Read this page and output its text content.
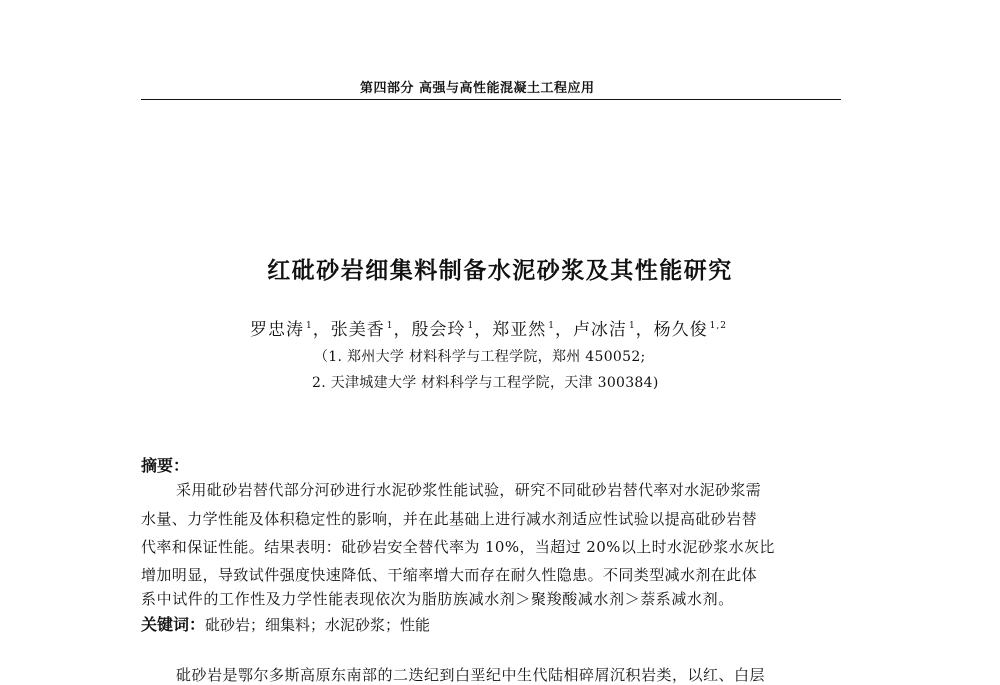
第四部分 高强与高性能混凝土工程应用
红砒砂岩细集料制备水泥砂浆及其性能研究
罗忠涛 $^1$，张美香 $^1$，殷会玲 $^1$，郑亚然 $^1$，卢冰洁 $^1$，杨久俊 $^{1,2}$
（1. 郑州大学 材料科学与工程学院，郑州 450052;
2. 天津城建大学 材料科学与工程学院，天津 300384)
摘要：
采用砒砂岩替代部分河砂进行水泥砂浆性能试验，研究不同砒砂岩替代率对水泥砂浆需
水量、力学性能及体积稳定性的影响，并在此基础上进行减水剂适应性试验以提高砒砂岩替
代率和保证性能。结果表明：砒砂岩安全替代率为 10%，当超过 20%以上时水泥砂浆水灰比
增加明显，导致试件强度快速降低、干缩率增大而存在耐久性隐患。不同类型减水剂在此体
系中试件的工作性及力学性能表现依次为脂肪族减水剂＞聚羧酸减水剂＞萘系减水剂。
关键词：砒砂岩；细集料；水泥砂浆；性能
砒砂岩是鄂尔多斯高原东南部的二迭纪到白垩纪中生代陆相碎屑沉积岩类，以红、白层
